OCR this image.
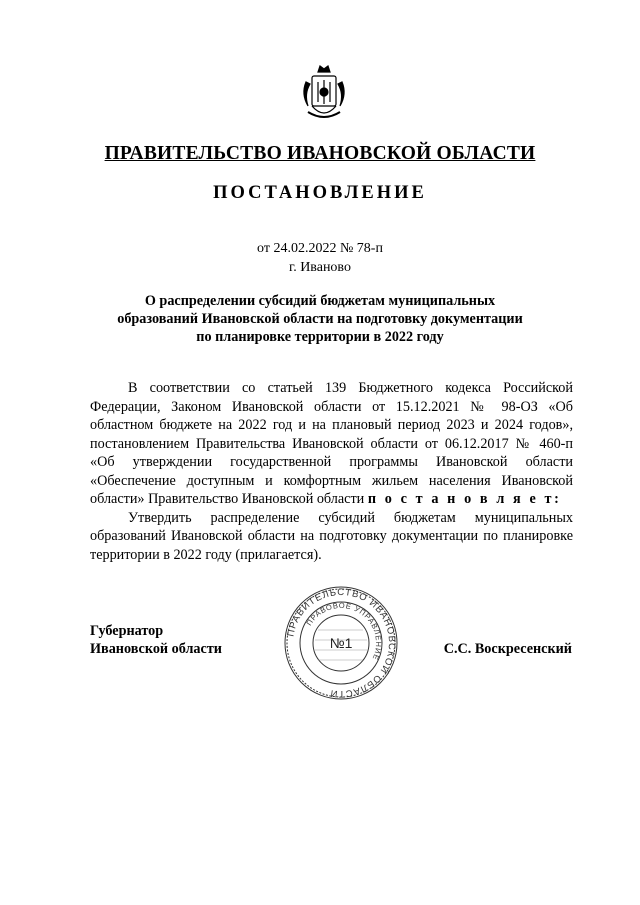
ПРАВИТЕЛЬСТВО ИВАНОВСКОЙ ОБЛАСТИ
ПОСТАНОВЛЕНИЕ
от 24.02.2022 № 78-п
г. Иваново
О распределении субсидий бюджетам муниципальных
образований Ивановской области на подготовку документации
по планировке территории в 2022 году

В соответствии со статьей 139 Бюджетного кодекса Российской Федерации, Законом Ивановской области от 15.12.2021 № 98-ОЗ «Об областном бюджете на 2022 год и на плановый период 2023 и 2024 годов», постановлением Правительства Ивановской области от 06.12.2017 № 460-п «Об утверждении государственной программы Ивановской области «Обеспечение доступным и комфортным жильем населения Ивановской области» Правительство Ивановской области п о с т а н о в л я е т:

Утвердить распределение субсидий бюджетам муниципальных образований Ивановской области на подготовку документации по планировке территории в 2022 году (прилагается).

Губернатор
Ивановской области
ПРАВИТЕЛЬСТВО ИВАНОВСКОЙ ОБЛАСТИ
ПРАВОВОЕ УПРАВЛЕНИЕ
№1	С.С. Воскресенский
